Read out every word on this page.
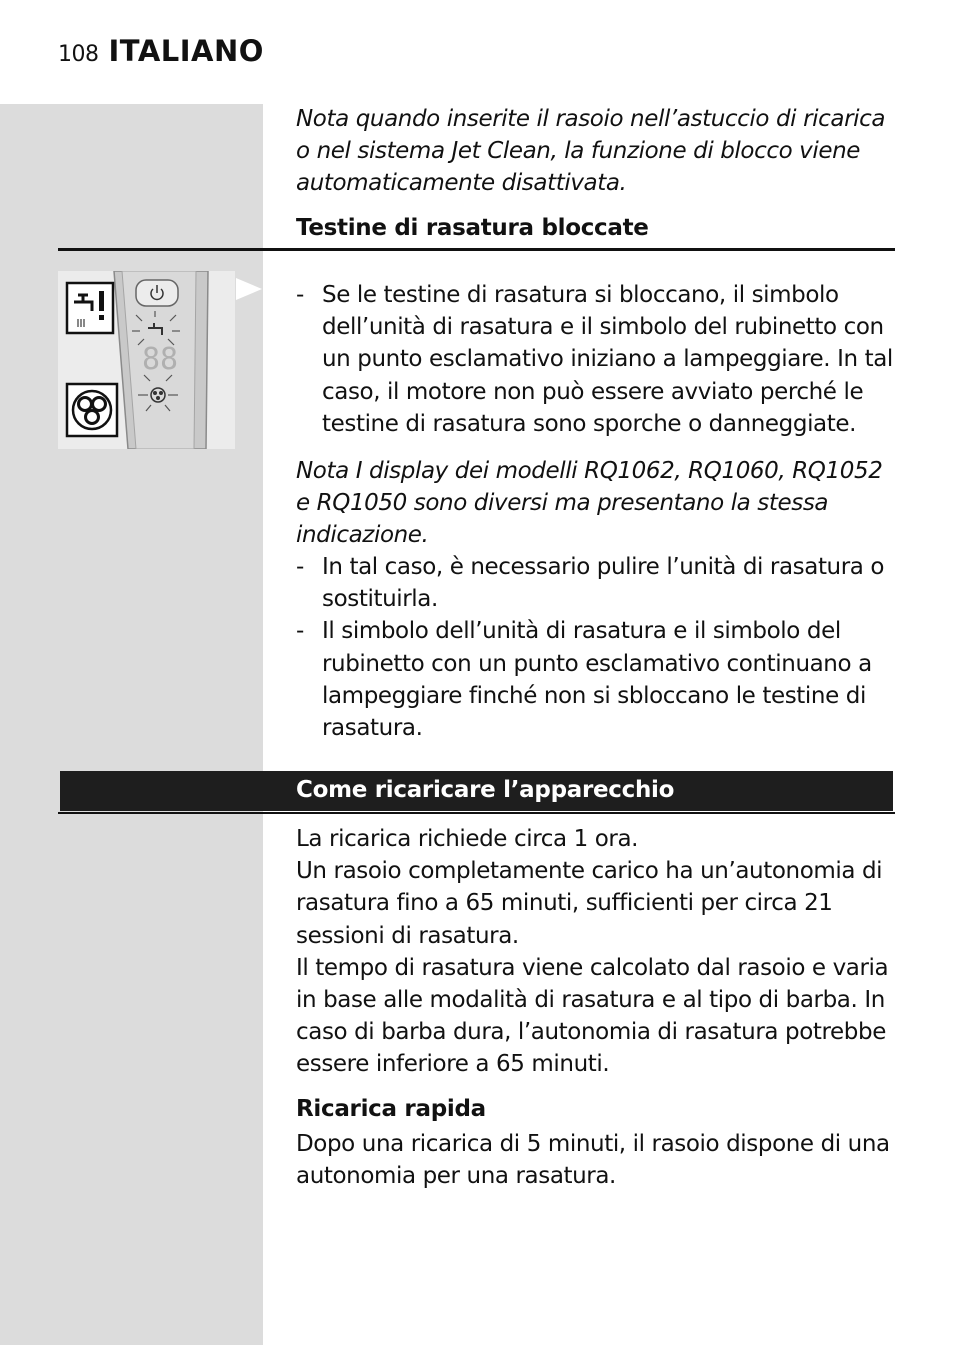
108 ITALIANO

Nota quando inserite il rasoio nell’astuccio di ricarica o nel sistema Jet Clean, la funzione di blocco viene automaticamente disattivata.

Testine di rasatura bloccate
88
- Se le testine di rasatura si bloccano, il simbolo dell’unità di rasatura e il simbolo del rubinetto con un punto esclamativo iniziano a lampeggiare. In tal caso, il motore non può essere avviato perché le testine di rasatura sono sporche o danneggiate.

Nota I display dei modelli RQ1062, RQ1060, RQ1052 e RQ1050 sono diversi ma presentano la stessa indicazione.

- In tal caso, è necessario pulire l’unità di rasatura o sostituirla.
- Il simbolo dell’unità di rasatura e il simbolo del rubinetto con un punto esclamativo continuano a lampeggiare finché non si sbloccano le testine di rasatura.
Come ricaricare l’apparecchio
La ricarica richiede circa 1 ora.
Un rasoio completamente carico ha un’autonomia di rasatura fino a 65 minuti, sufficienti per circa 21 sessioni di rasatura.
Il tempo di rasatura viene calcolato dal rasoio e varia in base alle modalità di rasatura e al tipo di barba. In caso di barba dura, l’autonomia di rasatura potrebbe essere inferiore a 65 minuti.
Ricarica rapida

Dopo una ricarica di 5 minuti, il rasoio dispone di una autonomia per una rasatura.
